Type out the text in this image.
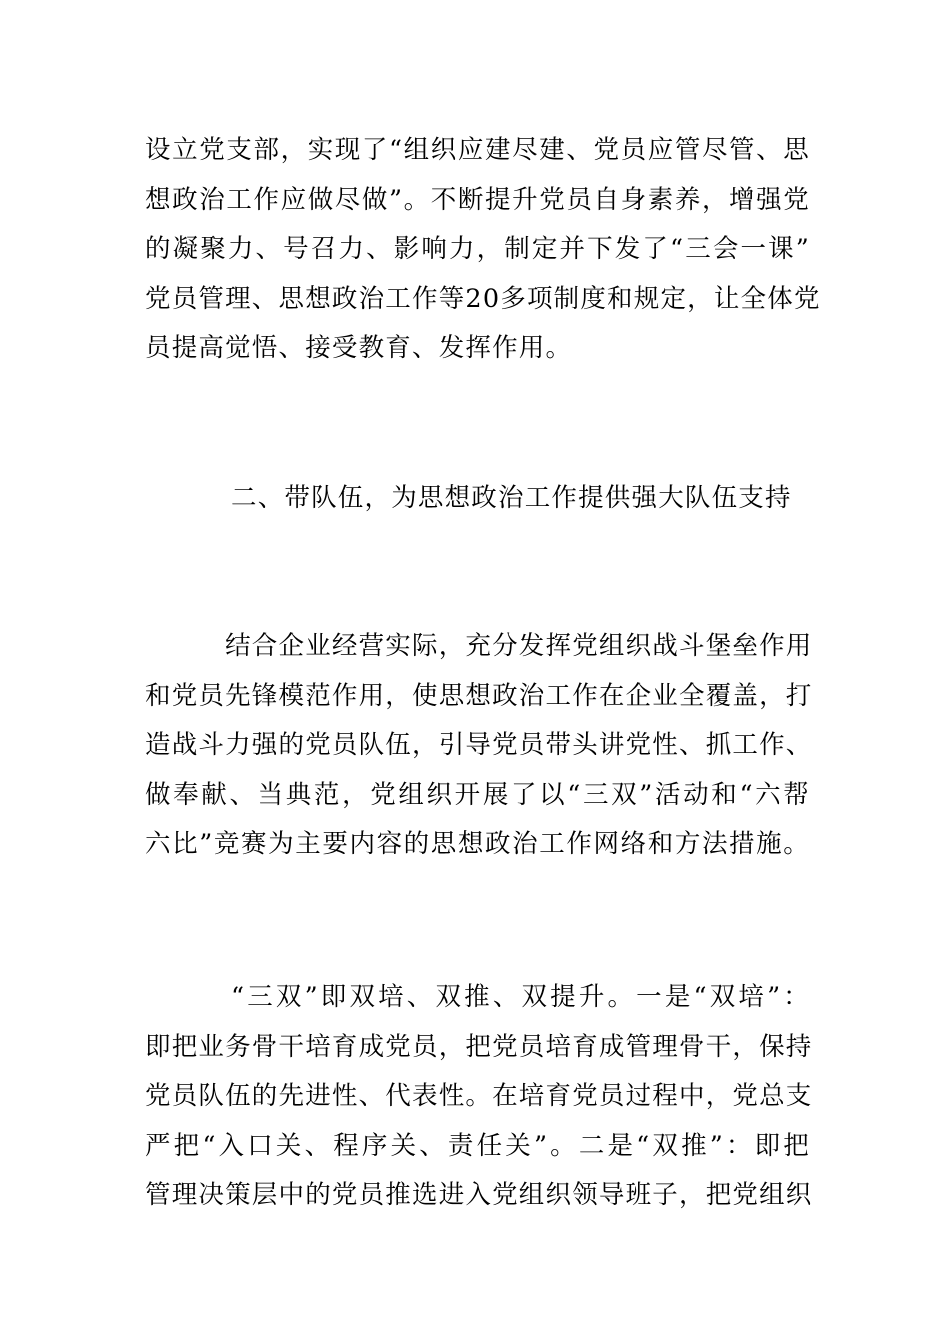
设立党支部，实现了“组织应建尽建、党员应管尽管、思
想政治工作应做尽做”。不断提升党员自身素养，增强党
的凝聚力、号召力、影响力，制定并下发了“三会一课”
党员管理、思想政治工作等20多项制度和规定，让全体党
员提高觉悟、接受教育、发挥作用。
二、带队伍，为思想政治工作提供强大队伍支持
　　　结合企业经营实际，充分发挥党组织战斗堡垒作用
和党员先锋模范作用，使思想政治工作在企业全覆盖，打
造战斗力强的党员队伍，引导党员带头讲党性、抓工作、
做奉献、当典范，党组织开展了以“三双”活动和“六帮
六比”竞赛为主要内容的思想政治工作网络和方法措施。
　　　“三双”即双培、双推、双提升。一是“双培”：
即把业务骨干培育成党员，把党员培育成管理骨干，保持
党员队伍的先进性、代表性。在培育党员过程中，党总支
严把“入口关、程序关、责任关”。二是“双推”：即把
管理决策层中的党员推选进入党组织领导班子，把党组织
